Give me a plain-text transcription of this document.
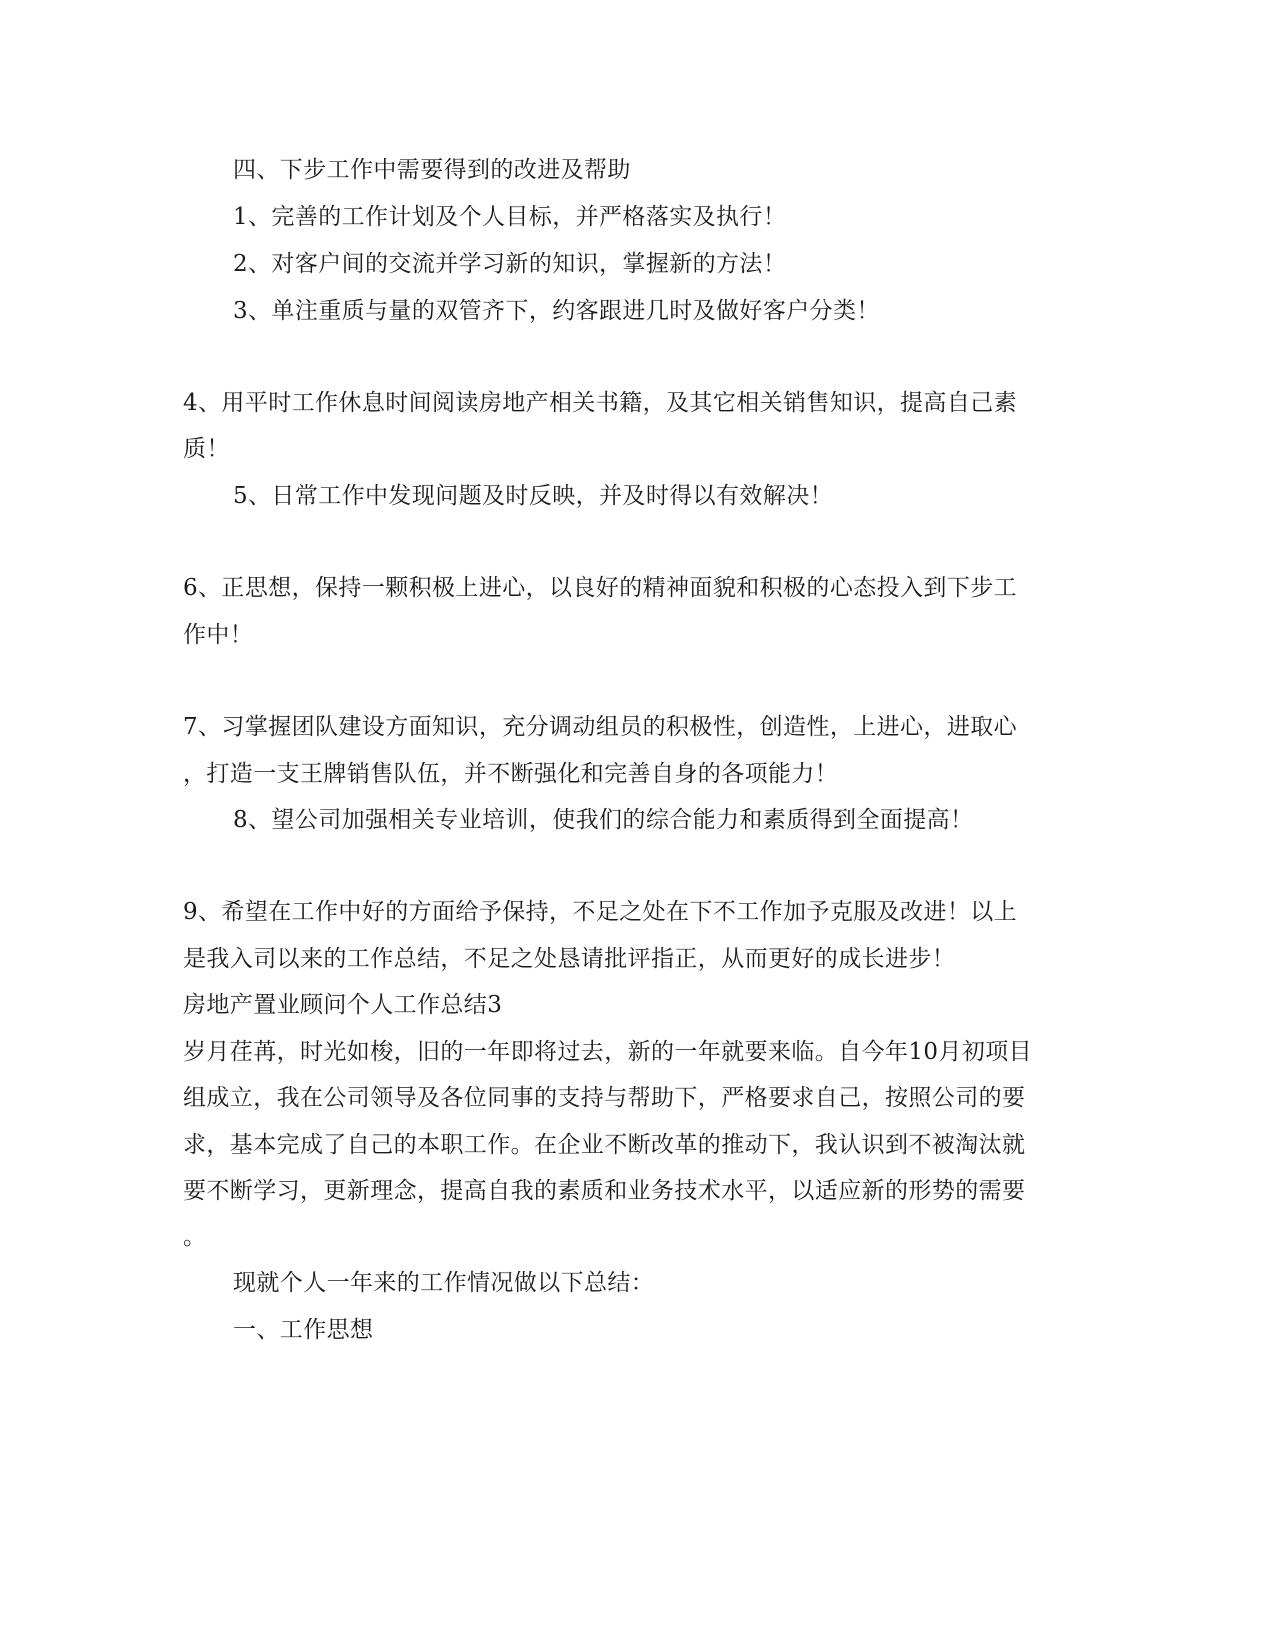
四、下步工作中需要得到的改进及帮助
1、完善的工作计划及个人目标，并严格落实及执行！
2、对客户间的交流并学习新的知识，掌握新的方法！
3、单注重质与量的双管齐下，约客跟进几时及做好客户分类！
4、用平时工作休息时间阅读房地产相关书籍，及其它相关销售知识，提高自己素
质！
5、日常工作中发现问题及时反映，并及时得以有效解决！
6、正思想，保持一颗积极上进心，以良好的精神面貌和积极的心态投入到下步工
作中！
7、习掌握团队建设方面知识，充分调动组员的积极性，创造性，上进心，进取心
，打造一支王牌销售队伍，并不断强化和完善自身的各项能力！
8、望公司加强相关专业培训，使我们的综合能力和素质得到全面提高！
9、希望在工作中好的方面给予保持，不足之处在下不工作加予克服及改进！以上
是我入司以来的工作总结，不足之处恳请批评指正，从而更好的成长进步！
房地产置业顾问个人工作总结3
岁月荏苒，时光如梭，旧的一年即将过去，新的一年就要来临。自今年10月初项目
组成立，我在公司领导及各位同事的支持与帮助下，严格要求自己，按照公司的要
求，基本完成了自己的本职工作。在企业不断改革的推动下，我认识到不被淘汰就
要不断学习，更新理念，提高自我的素质和业务技术水平，以适应新的形势的需要
。
现就个人一年来的工作情况做以下总结：
一、工作思想
